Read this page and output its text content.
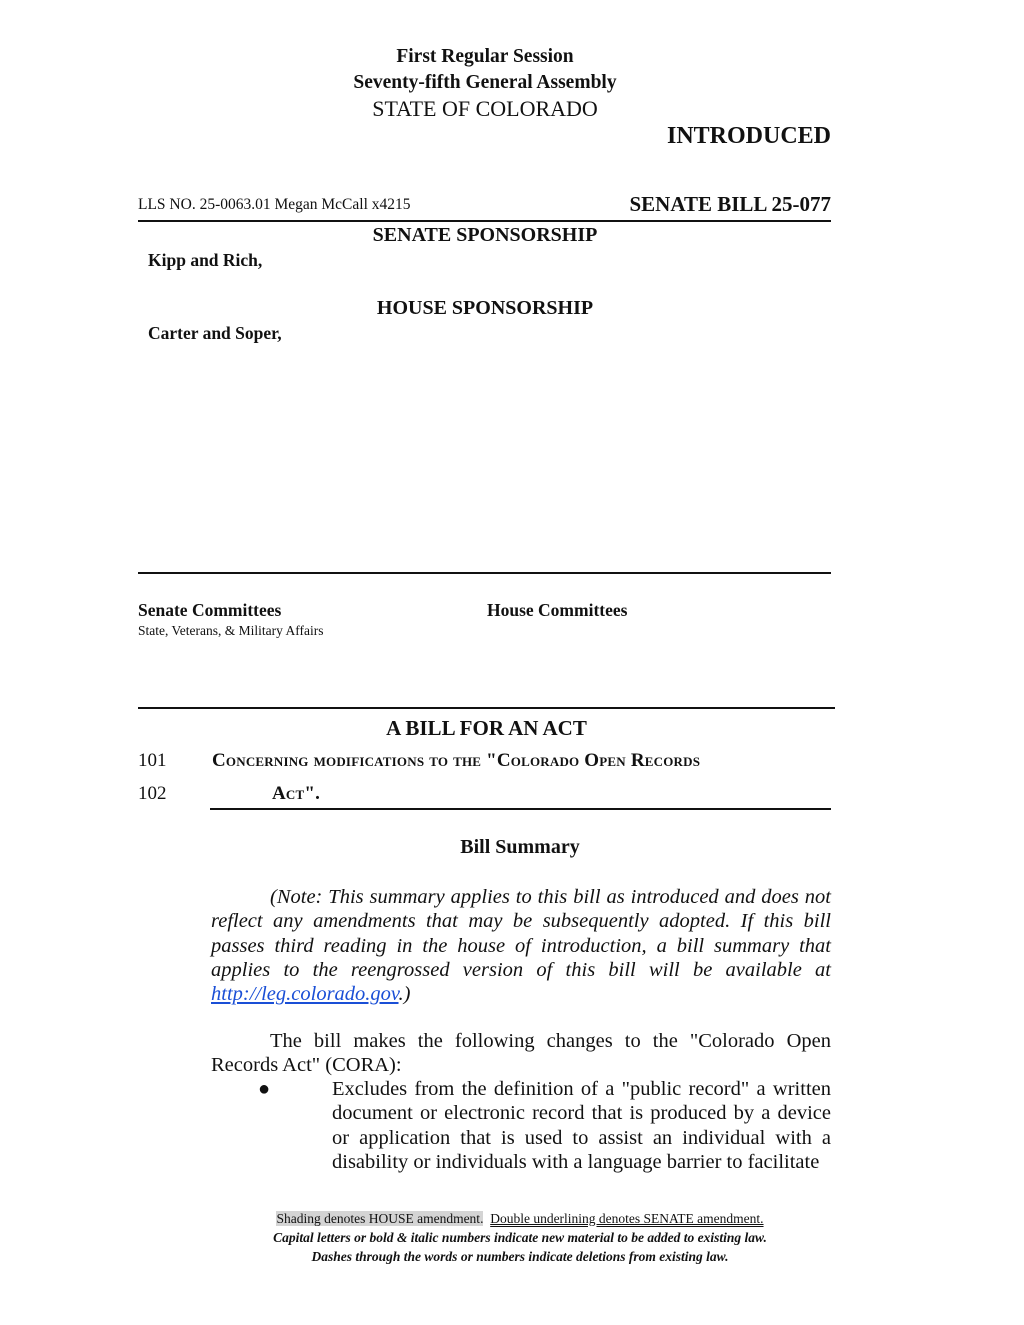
First Regular Session
Seventy-fifth General Assembly
STATE OF COLORADO
INTRODUCED
LLS NO. 25-0063.01 Megan McCall x4215	SENATE BILL 25-077
SENATE SPONSORSHIP
Kipp and Rich,
HOUSE SPONSORSHIP
Carter and Soper,
Senate Committees
State, Veterans, & Military Affairs
House Committees
A BILL FOR AN ACT
101 Concerning modifications to the "Colorado Open Records
102	Act".
Bill Summary
(Note: This summary applies to this bill as introduced and does not reflect any amendments that may be subsequently adopted. If this bill passes third reading in the house of introduction, a bill summary that applies to the reengrossed version of this bill will be available at http://leg.colorado.gov.)
The bill makes the following changes to the "Colorado Open Records Act" (CORA):
●	Excludes from the definition of a "public record" a written document or electronic record that is produced by a device or application that is used to assist an individual with a disability or individuals with a language barrier to facilitate
Shading denotes HOUSE amendment. Double underlining denotes SENATE amendment.
Capital letters or bold & italic numbers indicate new material to be added to existing law.
Dashes through the words or numbers indicate deletions from existing law.
